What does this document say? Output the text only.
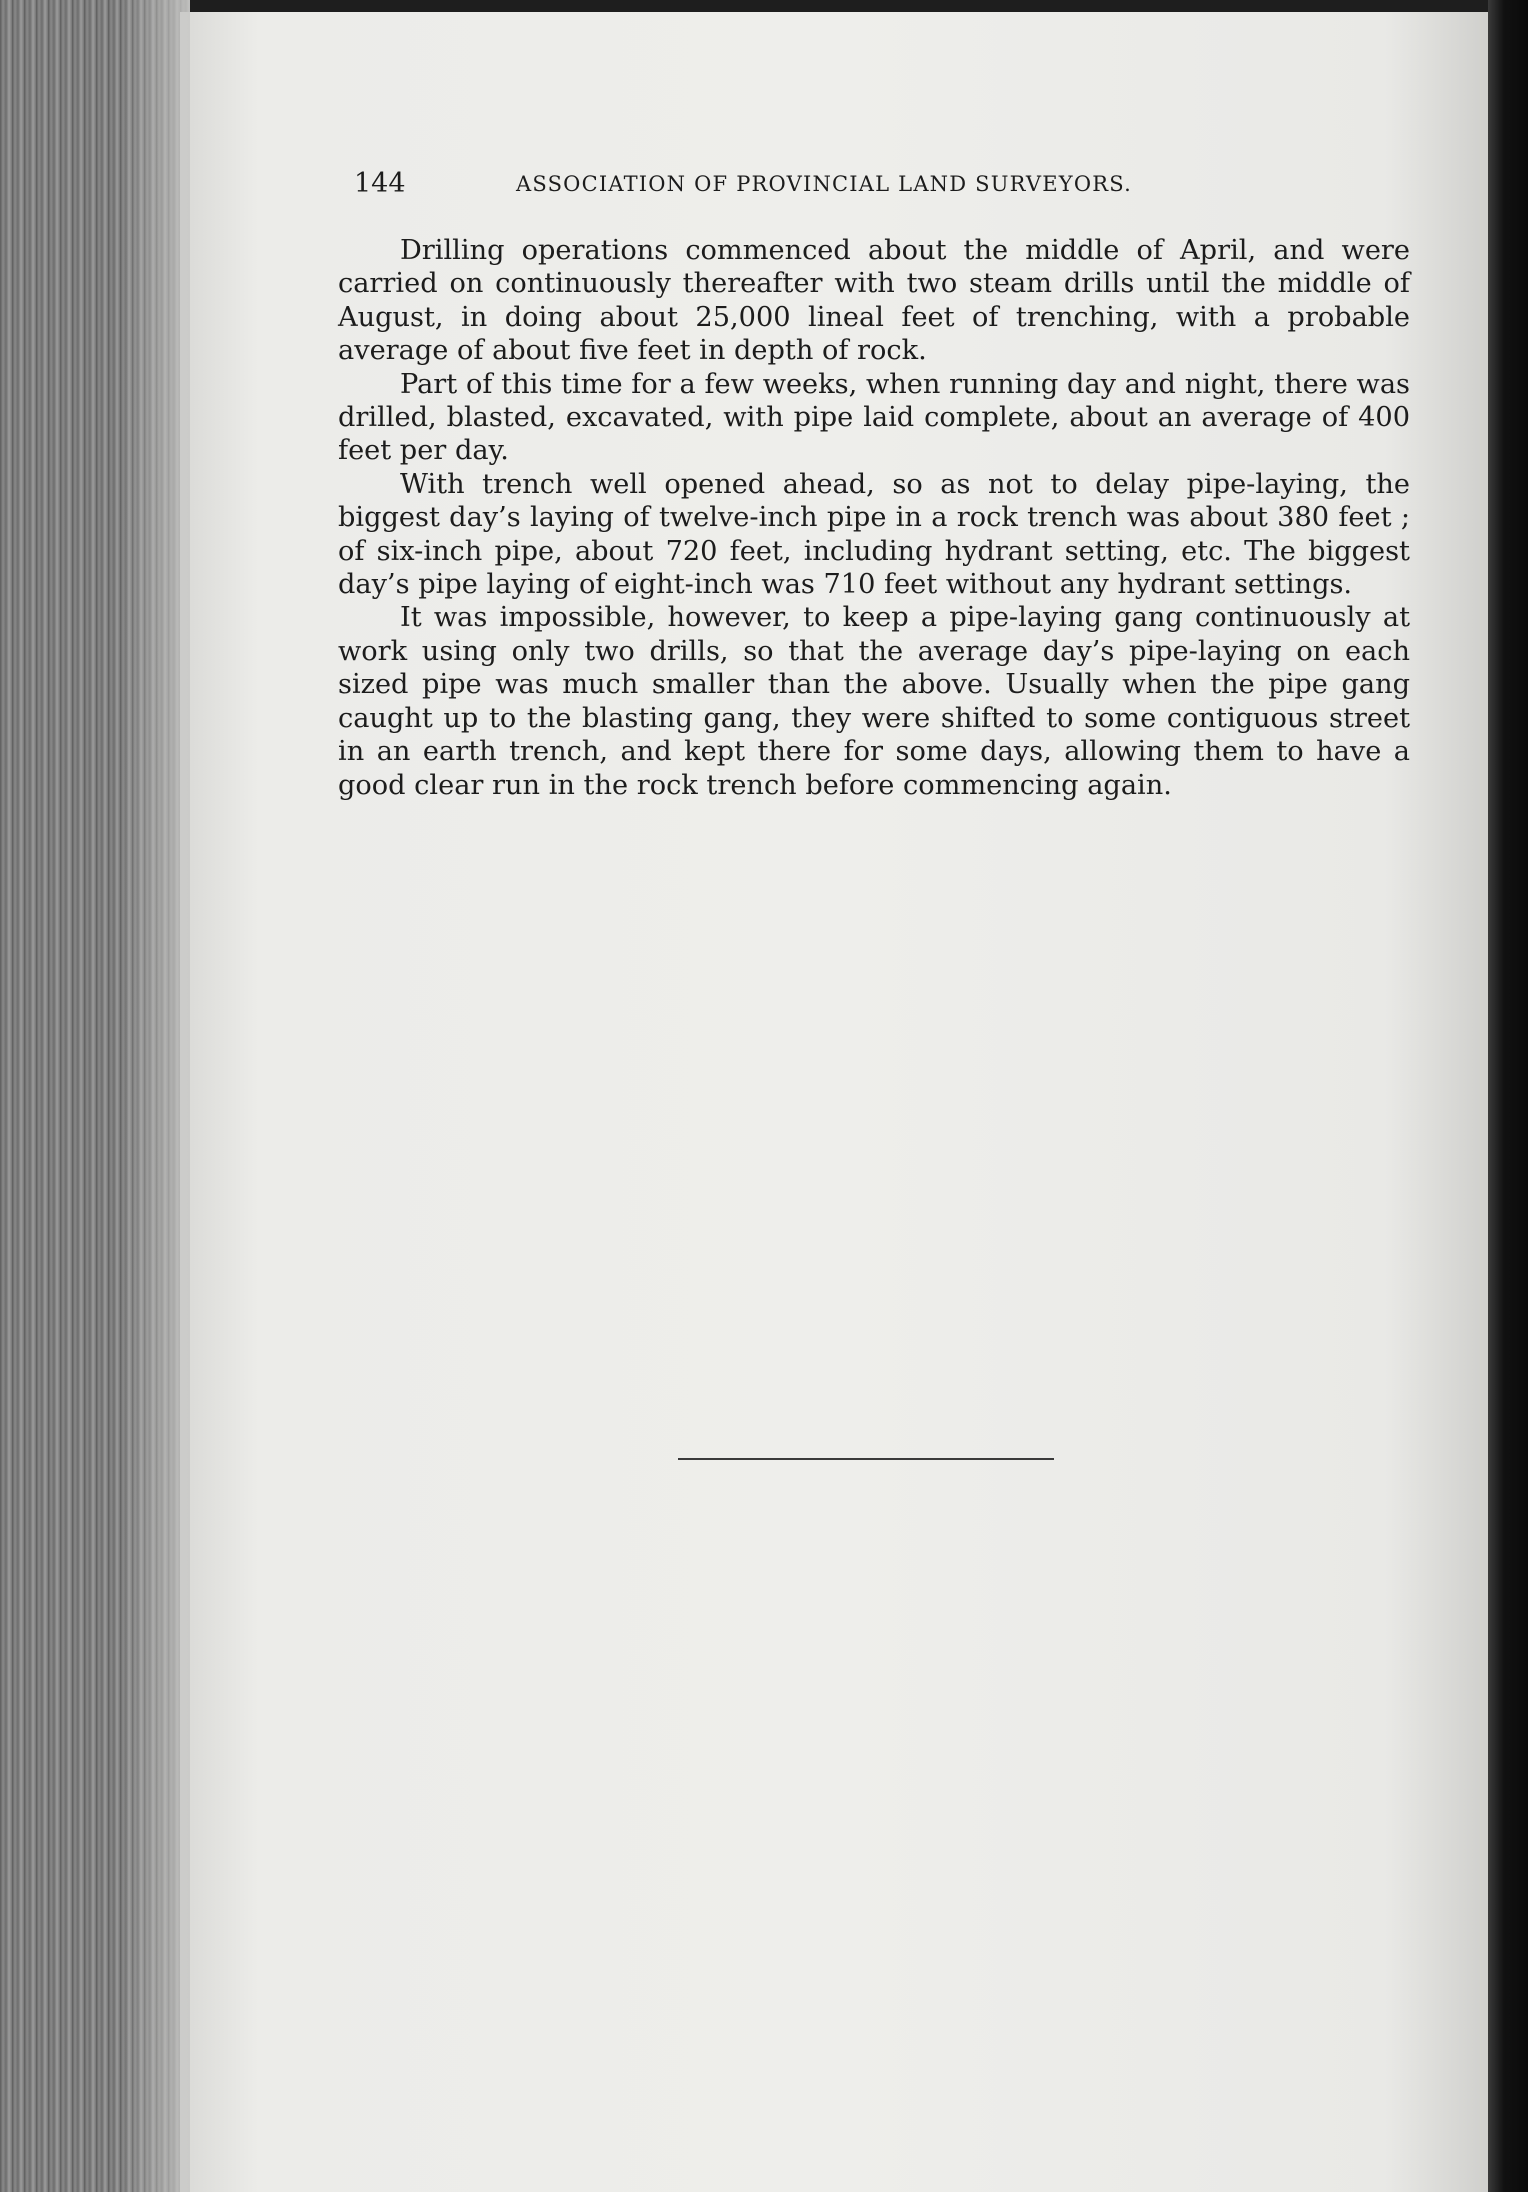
144	ASSOCIATION OF PROVINCIAL LAND SURVEYORS.

Drilling operations commenced about the middle of April, and were carried on continuously thereafter with two steam drills until the middle of August, in doing about 25,000 lineal feet of trenching, with a probable average of about five feet in depth of rock.

Part of this time for a few weeks, when running day and night, there was drilled, blasted, excavated, with pipe laid complete, about an average of 400 feet per day.

With trench well opened ahead, so as not to delay pipe-laying, the biggest day’s laying of twelve-inch pipe in a rock trench was about 380 feet ; of six-inch pipe, about 720 feet, including hydrant setting, etc. The biggest day’s pipe laying of eight-inch was 710 feet without any hydrant settings.

It was impossible, however, to keep a pipe-laying gang continuously at work using only two drills, so that the average day’s pipe-laying on each sized pipe was much smaller than the above. Usually when the pipe gang caught up to the blasting gang, they were shifted to some contiguous street in an earth trench, and kept there for some days, allowing them to have a good clear run in the rock trench before commencing again.
